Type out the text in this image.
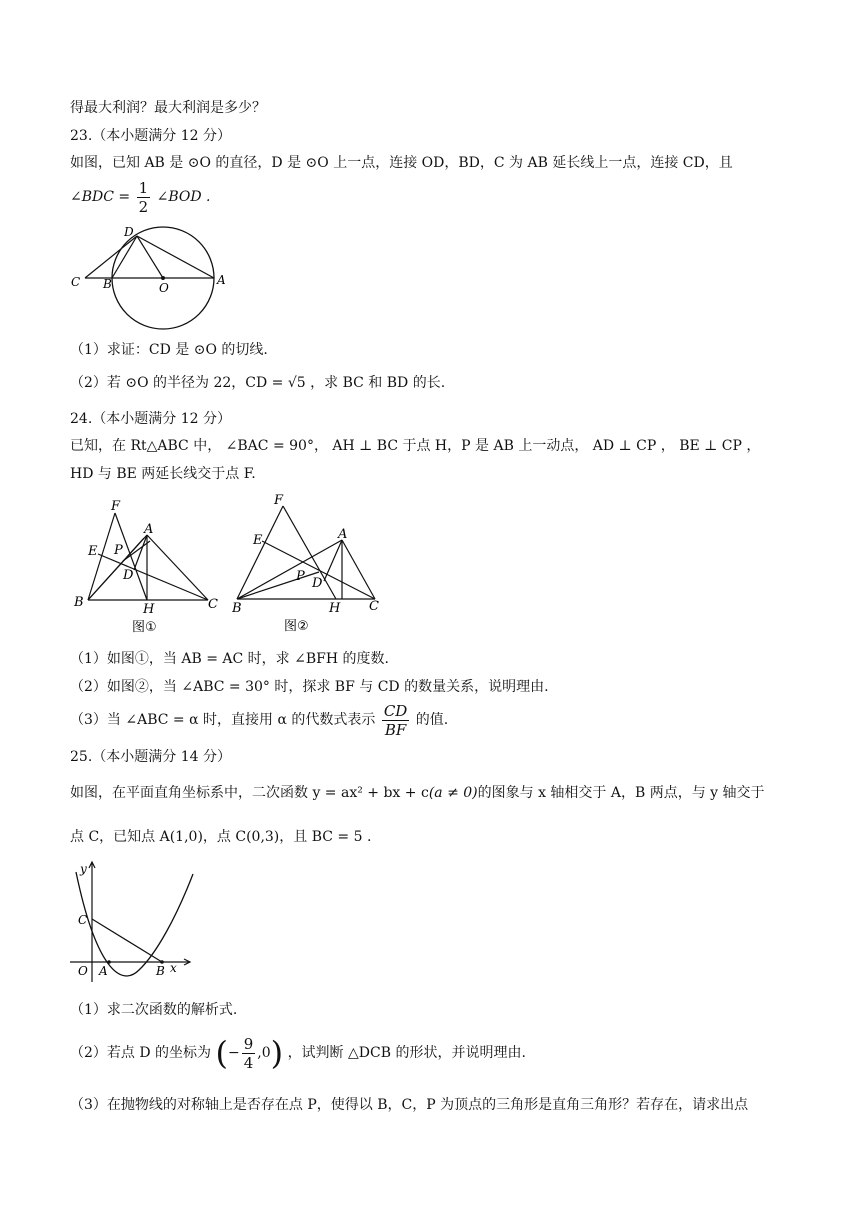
得最大利润？最大利润是多少？
23.（本小题满分 12 分）
如图，已知 AB 是 ⊙O 的直径，D 是 ⊙O 上一点，连接 OD，BD，C 为 AB 延长线上一点，连接 CD，且
∠BDC = $\frac{1}{2}$ ∠BOD .
C B	O
A
D
（1）求证：CD 是 ⊙O 的切线.
（2）若 ⊙O 的半径为 22，CD = √5 ，求 BC 和 BD 的长.
24.（本小题满分 12 分）
已知，在 Rt△ABC 中， ∠BAC = 90°， AH ⊥ BC 于点 H，P 是 AB 上一动点， AD ⊥ CP ， BE ⊥ CP ，
HD 与 BE 两延长线交于点 F.
F
E P
A
D
B	H	C
图①
F
E
P
A
D
B	H C
图②
（1）如图①，当 AB = AC 时，求 ∠BFH 的度数.
（2）如图②，当 ∠ABC = 30° 时，探求 BF 与 CD 的数量关系，说明理由.
（3）当 ∠ABC = α 时，直接用 α 的代数式表示 $\frac{CD}{BF}$ 的值.
25.（本小题满分 14 分）
如图，在平面直角坐标系中，二次函数 y = ax² + bx + c(a ≠ 0)的图象与 x 轴相交于 A，B 两点，与 y 轴交于
点 C，已知点 A(1,0)，点 C(0,3)，且 BC = 5 .
y
C
O A	B x
（1）求二次函数的解析式.
（2）若点 D 的坐标为 (− $\frac{9}{4} ,0$) ，试判断 △DCB 的形状，并说明理由.
（3）在抛物线的对称轴上是否存在点 P，使得以 B，C，P 为顶点的三角形是直角三角形？若存在，请求出点
